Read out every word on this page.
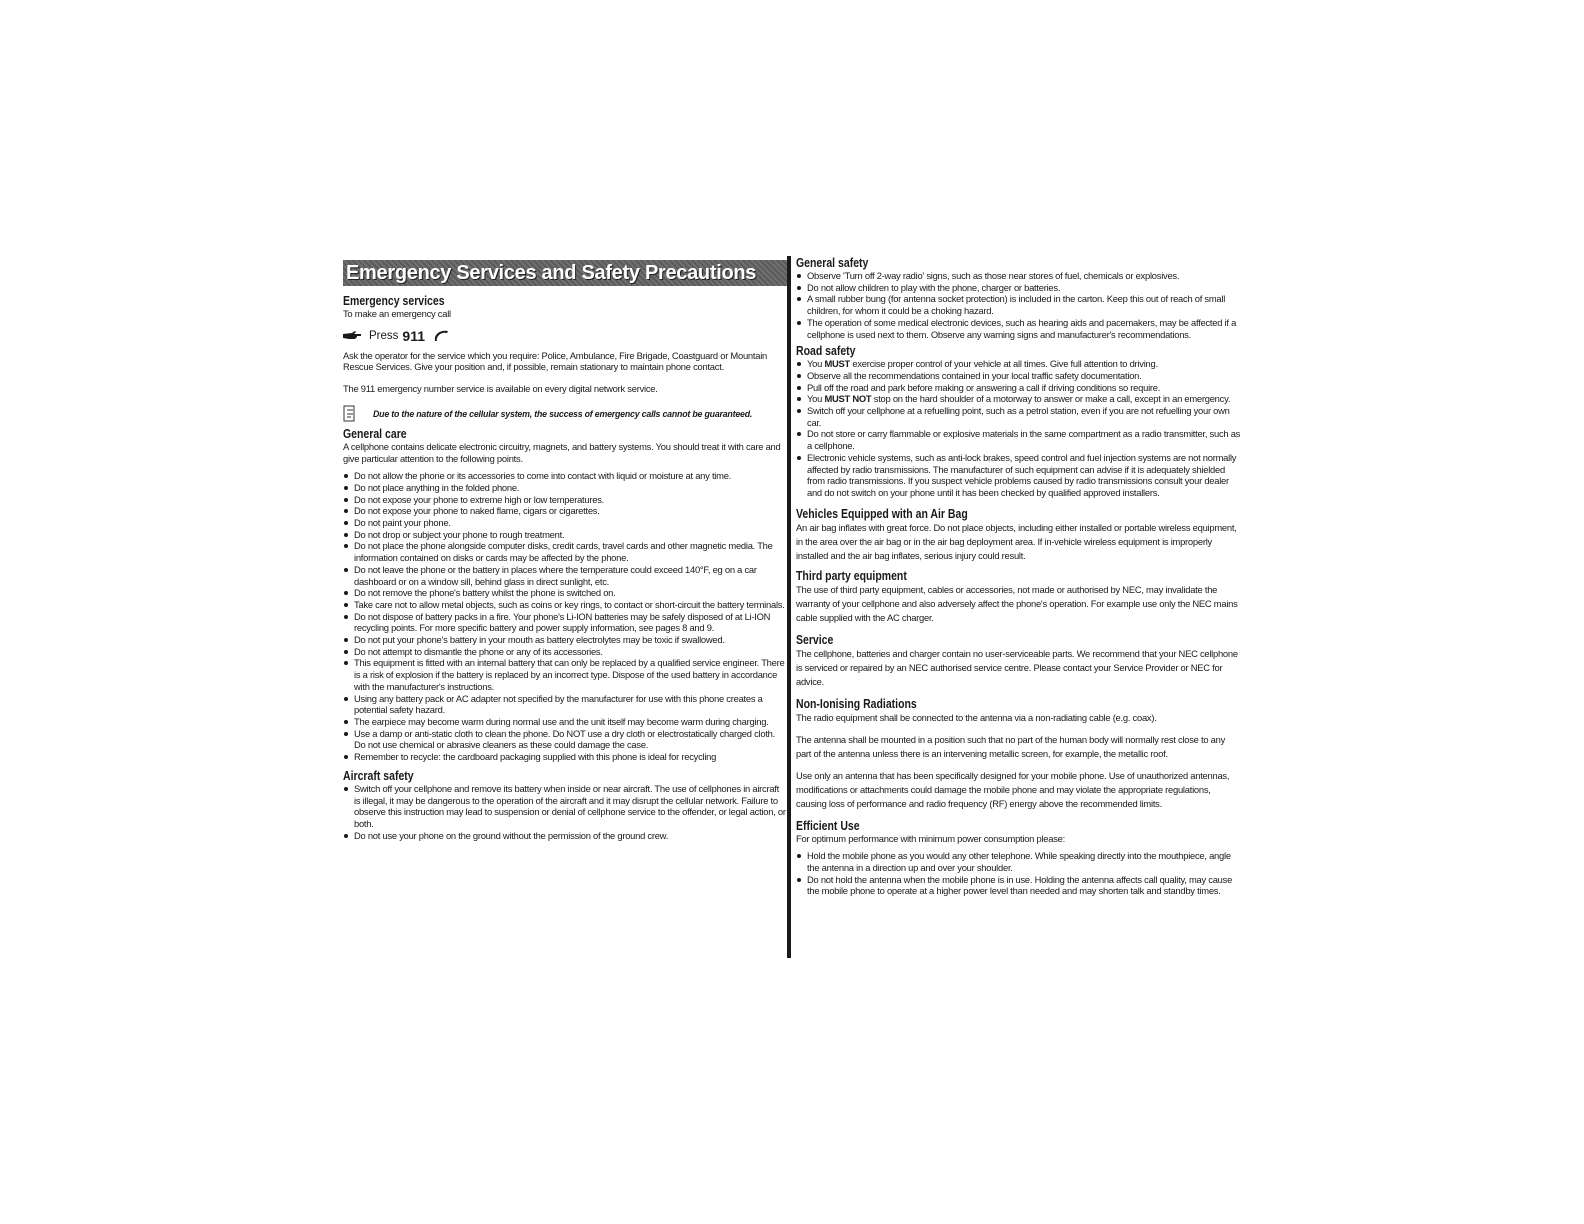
Emergency Services and Safety Precautions
Emergency services

To make an emergency call

Press 911

Ask the operator for the service which you require: Police, Ambulance, Fire Brigade, Coastguard or Mountain Rescue Services. Give your position and, if possible, remain stationary to maintain phone contact.

The 911 emergency number service is available on every digital network service.

Due to the nature of the cellular system, the success of emergency calls cannot be guaranteed.
General care

A cellphone contains delicate electronic circuitry, magnets, and battery systems. You should treat it with care and give particular attention to the following points.

Do not allow the phone or its accessories to come into contact with liquid or moisture at any time.
Do not place anything in the folded phone.
Do not expose your phone to extreme high or low temperatures.
Do not expose your phone to naked flame, cigars or cigarettes.
Do not paint your phone.
Do not drop or subject your phone to rough treatment.
Do not place the phone alongside computer disks, credit cards, travel cards and other magnetic media. The information contained on disks or cards may be affected by the phone.
Do not leave the phone or the battery in places where the temperature could exceed 140°F, eg on a car dashboard or on a window sill, behind glass in direct sunlight, etc.
Do not remove the phone's battery whilst the phone is switched on.
Take care not to allow metal objects, such as coins or key rings, to contact or short-circuit the battery terminals.
Do not dispose of battery packs in a fire. Your phone's Li-ION batteries may be safely disposed of at Li-ION recycling points. For more specific battery and power supply information, see pages 8 and 9.
Do not put your phone's battery in your mouth as battery electrolytes may be toxic if swallowed.
Do not attempt to dismantle the phone or any of its accessories.
This equipment is fitted with an internal battery that can only be replaced by a qualified service engineer. There is a risk of explosion if the battery is replaced by an incorrect type. Dispose of the used battery in accordance with the manufacturer's instructions.
Using any battery pack or AC adapter not specified by the manufacturer for use with this phone creates a potential safety hazard.
The earpiece may become warm during normal use and the unit itself may become warm during charging.
Use a damp or anti-static cloth to clean the phone. Do NOT use a dry cloth or electrostatically charged cloth. Do not use chemical or abrasive cleaners as these could damage the case.
Remember to recycle: the cardboard packaging supplied with this phone is ideal for recycling
Aircraft safety
Switch off your cellphone and remove its battery when inside or near aircraft. The use of cellphones in aircraft is illegal, it may be dangerous to the operation of the aircraft and it may disrupt the cellular network. Failure to observe this instruction may lead to suspension or denial of cellphone service to the offender, or legal action, or both.
Do not use your phone on the ground without the permission of the ground crew.
General safety
Observe 'Turn off 2-way radio' signs, such as those near stores of fuel, chemicals or explosives.
Do not allow children to play with the phone, charger or batteries.
A small rubber bung (for antenna socket protection) is included in the carton. Keep this out of reach of small children, for whom it could be a choking hazard.
The operation of some medical electronic devices, such as hearing aids and pacemakers, may be affected if a cellphone is used next to them. Observe any warning signs and manufacturer's recommendations.
Road safety
You MUST exercise proper control of your vehicle at all times. Give full attention to driving.
Observe all the recommendations contained in your local traffic safety documentation.
Pull off the road and park before making or answering a call if driving conditions so require.
You MUST NOT stop on the hard shoulder of a motorway to answer or make a call, except in an emergency.
Switch off your cellphone at a refuelling point, such as a petrol station, even if you are not refuelling your own car.
Do not store or carry flammable or explosive materials in the same compartment as a radio transmitter, such as a cellphone.
Electronic vehicle systems, such as anti-lock brakes, speed control and fuel injection systems are not normally affected by radio transmissions. The manufacturer of such equipment can advise if it is adequately shielded from radio transmissions. If you suspect vehicle problems caused by radio transmissions consult your dealer and do not switch on your phone until it has been checked by qualified approved installers.
Vehicles Equipped with an Air Bag

An air bag inflates with great force. Do not place objects, including either installed or portable wireless equipment, in the area over the air bag or in the air bag deployment area. If in-vehicle wireless equipment is improperly installed and the air bag inflates, serious injury could result.

Third party equipment

The use of third party equipment, cables or accessories, not made or authorised by NEC, may invalidate the warranty of your cellphone and also adversely affect the phone's operation. For example use only the NEC mains cable supplied with the AC charger.

Service

The cellphone, batteries and charger contain no user-serviceable parts. We recommend that your NEC cellphone is serviced or repaired by an NEC authorised service centre. Please contact your Service Provider or NEC for advice.

Non-Ionising Radiations

The radio equipment shall be connected to the antenna via a non-radiating cable (e.g. coax).

The antenna shall be mounted in a position such that no part of the human body will normally rest close to any part of the antenna unless there is an intervening metallic screen, for example, the metallic roof.

Use only an antenna that has been specifically designed for your mobile phone. Use of unauthorized antennas, modifications or attachments could damage the mobile phone and may violate the appropriate regulations, causing loss of performance and radio frequency (RF) energy above the recommended limits.

Efficient Use

For optimum performance with minimum power consumption please:

Hold the mobile phone as you would any other telephone. While speaking directly into the mouthpiece, angle the antenna in a direction up and over your shoulder.
Do not hold the antenna when the mobile phone is in use. Holding the antenna affects call quality, may cause the mobile phone to operate at a higher power level than needed and may shorten talk and standby times.
